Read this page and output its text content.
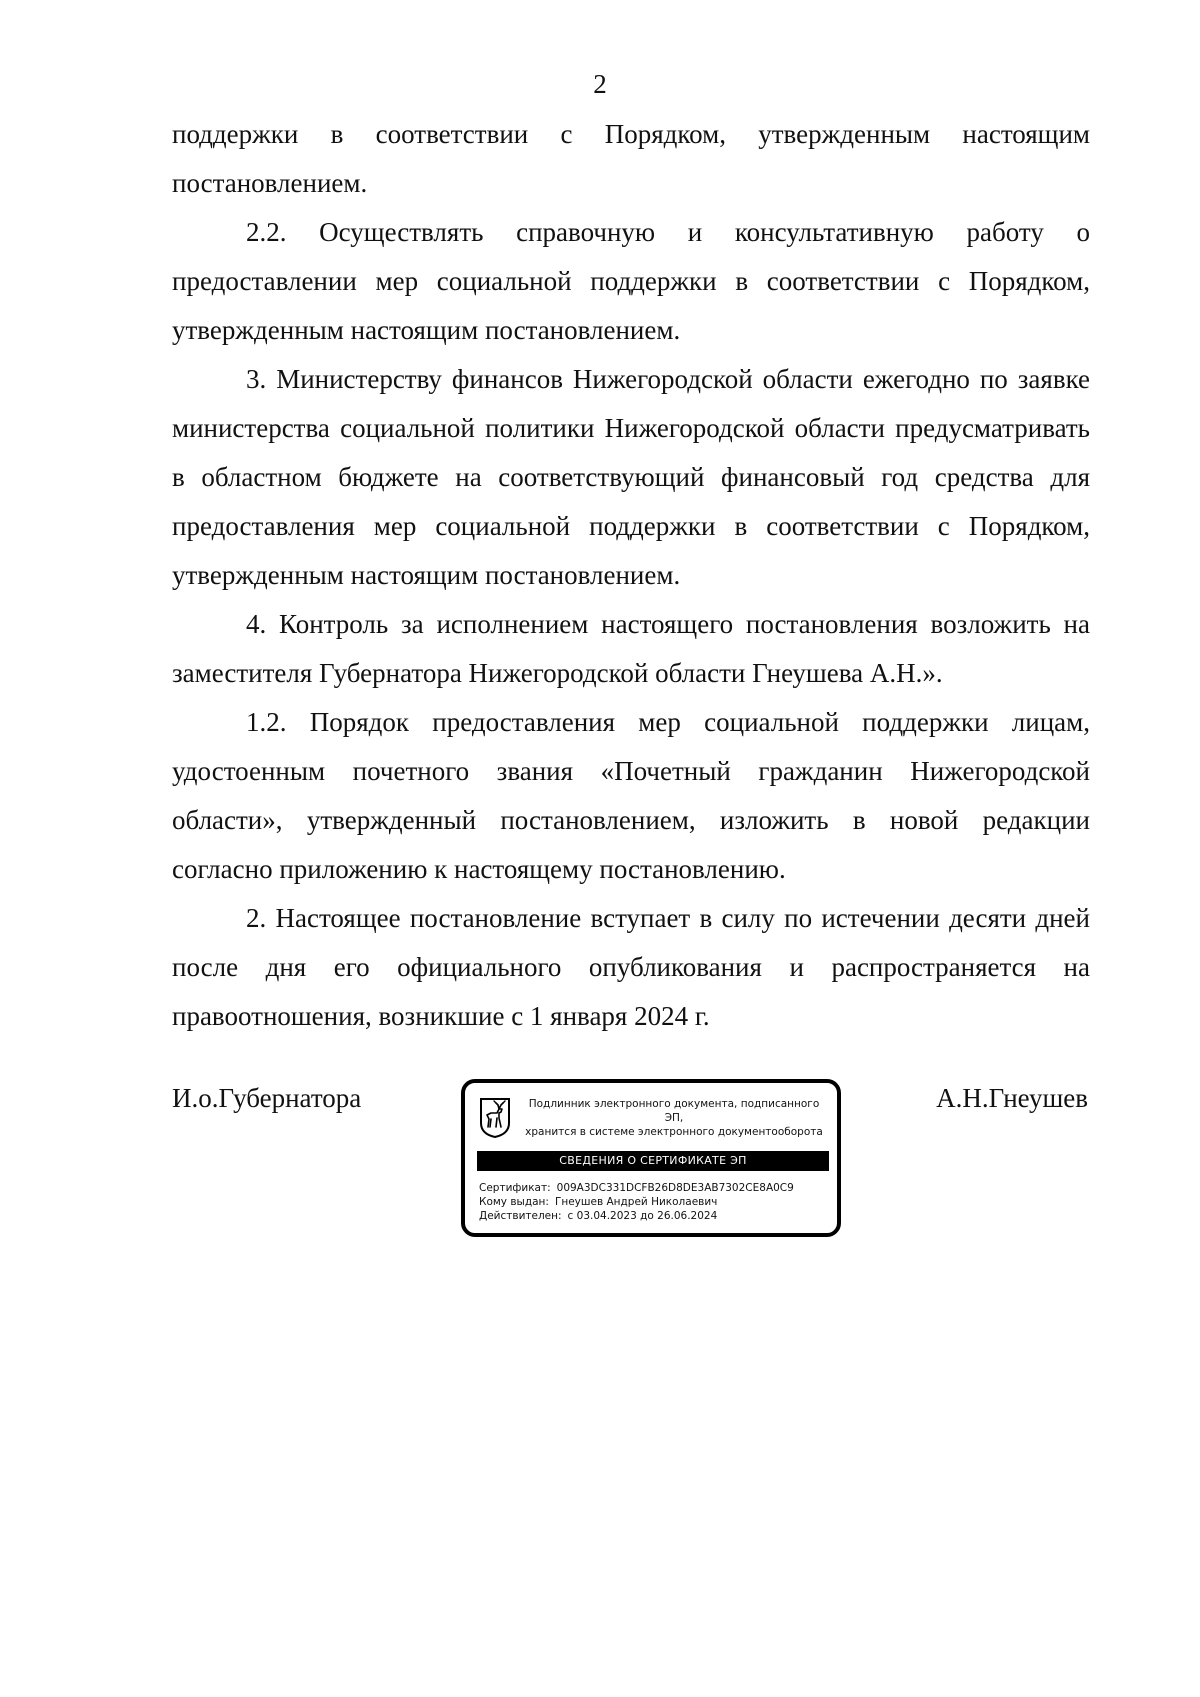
2

поддержки в соответствии с Порядком, утвержденным настоящим постановлением.

2.2. Осуществлять справочную и консультативную работу о предоставлении мер социальной поддержки в соответствии с Порядком, утвержденным настоящим постановлением.

3. Министерству финансов Нижегородской области ежегодно по заявке министерства социальной политики Нижегородской области предусматривать в областном бюджете на соответствующий финансовый год средства для предоставления мер социальной поддержки в соответствии с Порядком, утвержденным настоящим постановлением.

4. Контроль за исполнением настоящего постановления возложить на заместителя Губернатора Нижегородской области Гнеушева А.Н.».

1.2. Порядок предоставления мер социальной поддержки лицам, удостоенным почетного звания «Почетный гражданин Нижегородской области», утвержденный постановлением, изложить в новой редакции согласно приложению к настоящему постановлению.

2. Настоящее постановление вступает в силу по истечении десяти дней после дня его официального опубликования и распространяется на правоотношения, возникшие с 1 января 2024 г.

И.о.Губернатора	А.Н.Гнеушев
Подлинник электронного документа, подписанного ЭП,
хранится в системе электронного документооборота
СВЕДЕНИЯ О СЕРТИФИКАТЕ ЭП
Сертификат: 009A3DC331DCFB26D8DE3AB7302CE8A0C9
Кому выдан: Гнеушев Андрей Николаевич
Действителен: с 03.04.2023 до 26.06.2024
